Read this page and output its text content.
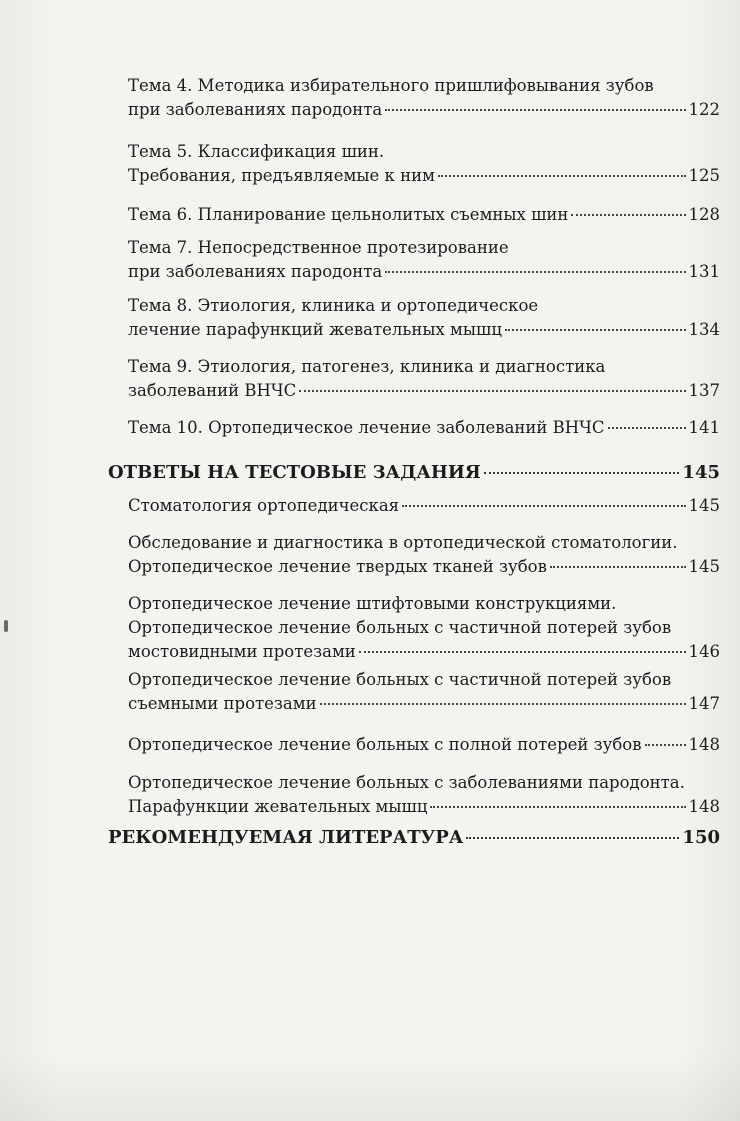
Тема 4. Методика избирательного пришлифовывания зубов
при заболеваниях пародонта	122
Тема 5. Классификация шин.
Требования, предъявляемые к ним	125
Тема 6. Планирование цельнолитых съемных шин	128
Тема 7. Непосредственное протезирование
при заболеваниях пародонта	131
Тема 8. Этиология, клиника и ортопедическое
лечение парафункций жевательных мышц	134
Тема 9. Этиология, патогенез, клиника и диагностика
заболеваний ВНЧС	137
Тема 10. Ортопедическое лечение заболеваний ВНЧС	141
ОТВЕТЫ НА ТЕСТОВЫЕ ЗАДАНИЯ	145
Стоматология ортопедическая	145
Обследование и диагностика в ортопедической стоматологии.
Ортопедическое лечение твердых тканей зубов	145
Ортопедическое лечение штифтовыми конструкциями.
Ортопедическое лечение больных с частичной потерей зубов
мостовидными протезами	146
Ортопедическое лечение больных с частичной потерей зубов
съемными протезами	147
Ортопедическое лечение больных с полной потерей зубов	148
Ортопедическое лечение больных с заболеваниями пародонта.
Парафункции жевательных мышц	148
РЕКОМЕНДУЕМАЯ ЛИТЕРАТУРА	150
